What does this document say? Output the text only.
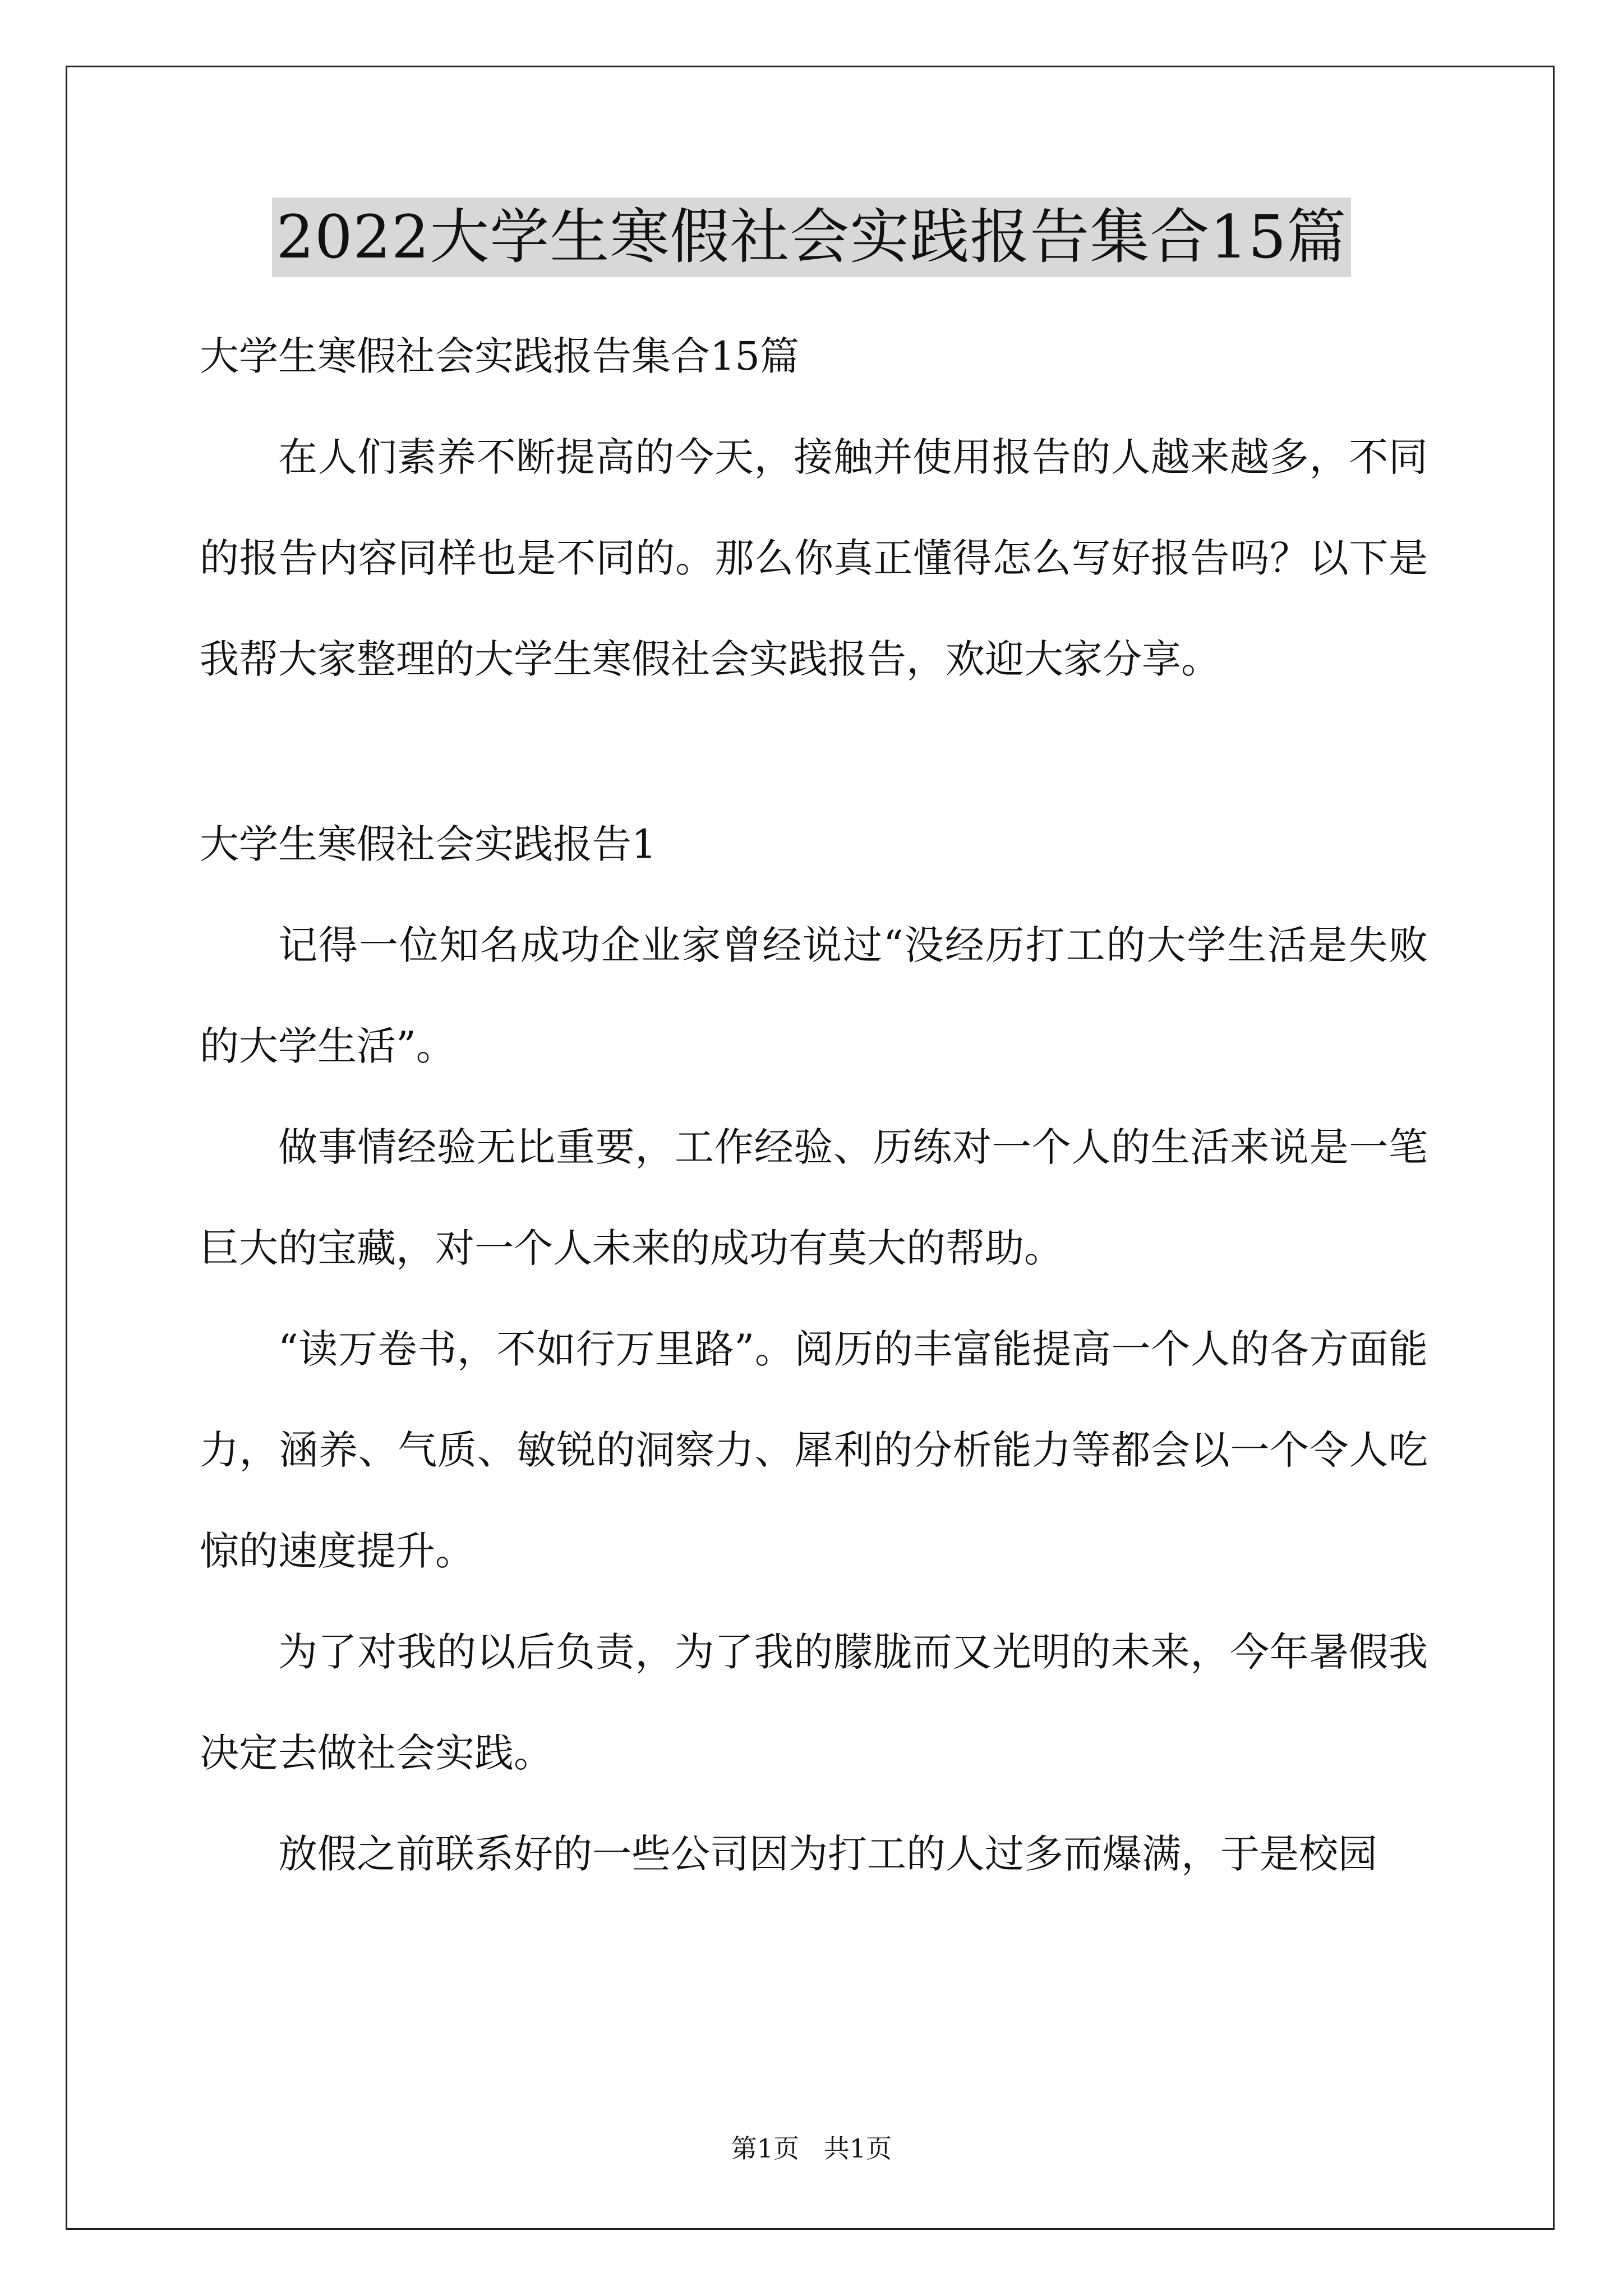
2022大学生寒假社会实践报告集合15篇

大学生寒假社会实践报告集合15篇

在人们素养不断提高的今天，接触并使用报告的人越来越多，不同的报告内容同样也是不同的。那么你真正懂得怎么写好报告吗？以下是我帮大家整理的大学生寒假社会实践报告，欢迎大家分享。

大学生寒假社会实践报告1

记得一位知名成功企业家曾经说过“没经历打工的大学生活是失败的大学生活”。

做事情经验无比重要，工作经验、历练对一个人的生活来说是一笔巨大的宝藏，对一个人未来的成功有莫大的帮助。

“读万卷书，不如行万里路”。阅历的丰富能提高一个人的各方面能力，涵养、气质、敏锐的洞察力、犀利的分析能力等都会以一个令人吃惊的速度提升。

为了对我的以后负责，为了我的朦胧而又光明的未来，今年暑假我决定去做社会实践。

放假之前联系好的一些公司因为打工的人过多而爆满，于是校园

第1页   共1页
